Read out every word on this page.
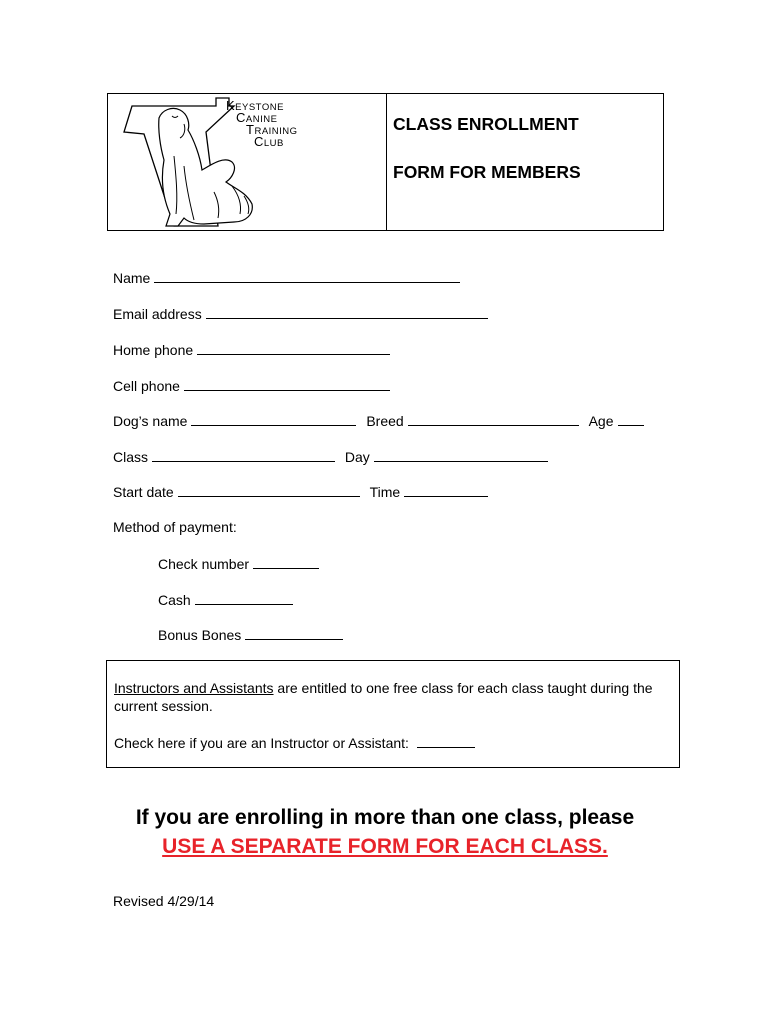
KEYSTONE
CANINE
TRAINING
CLUB
CLASS ENROLLMENT
FORM FOR MEMBERS
Name
Email address
Home phone
Cell phone
Dog’s name	Breed	Age
Class	Day
Start date	Time
Method of payment:
Check number
Cash
Bonus Bones
Instructors and Assistants are entitled to one free class for each class taught during the current session.
Check here if you are an Instructor or Assistant:
If you are enrolling in more than one class, please
USE A SEPARATE FORM FOR EACH CLASS.
Revised 4/29/14
